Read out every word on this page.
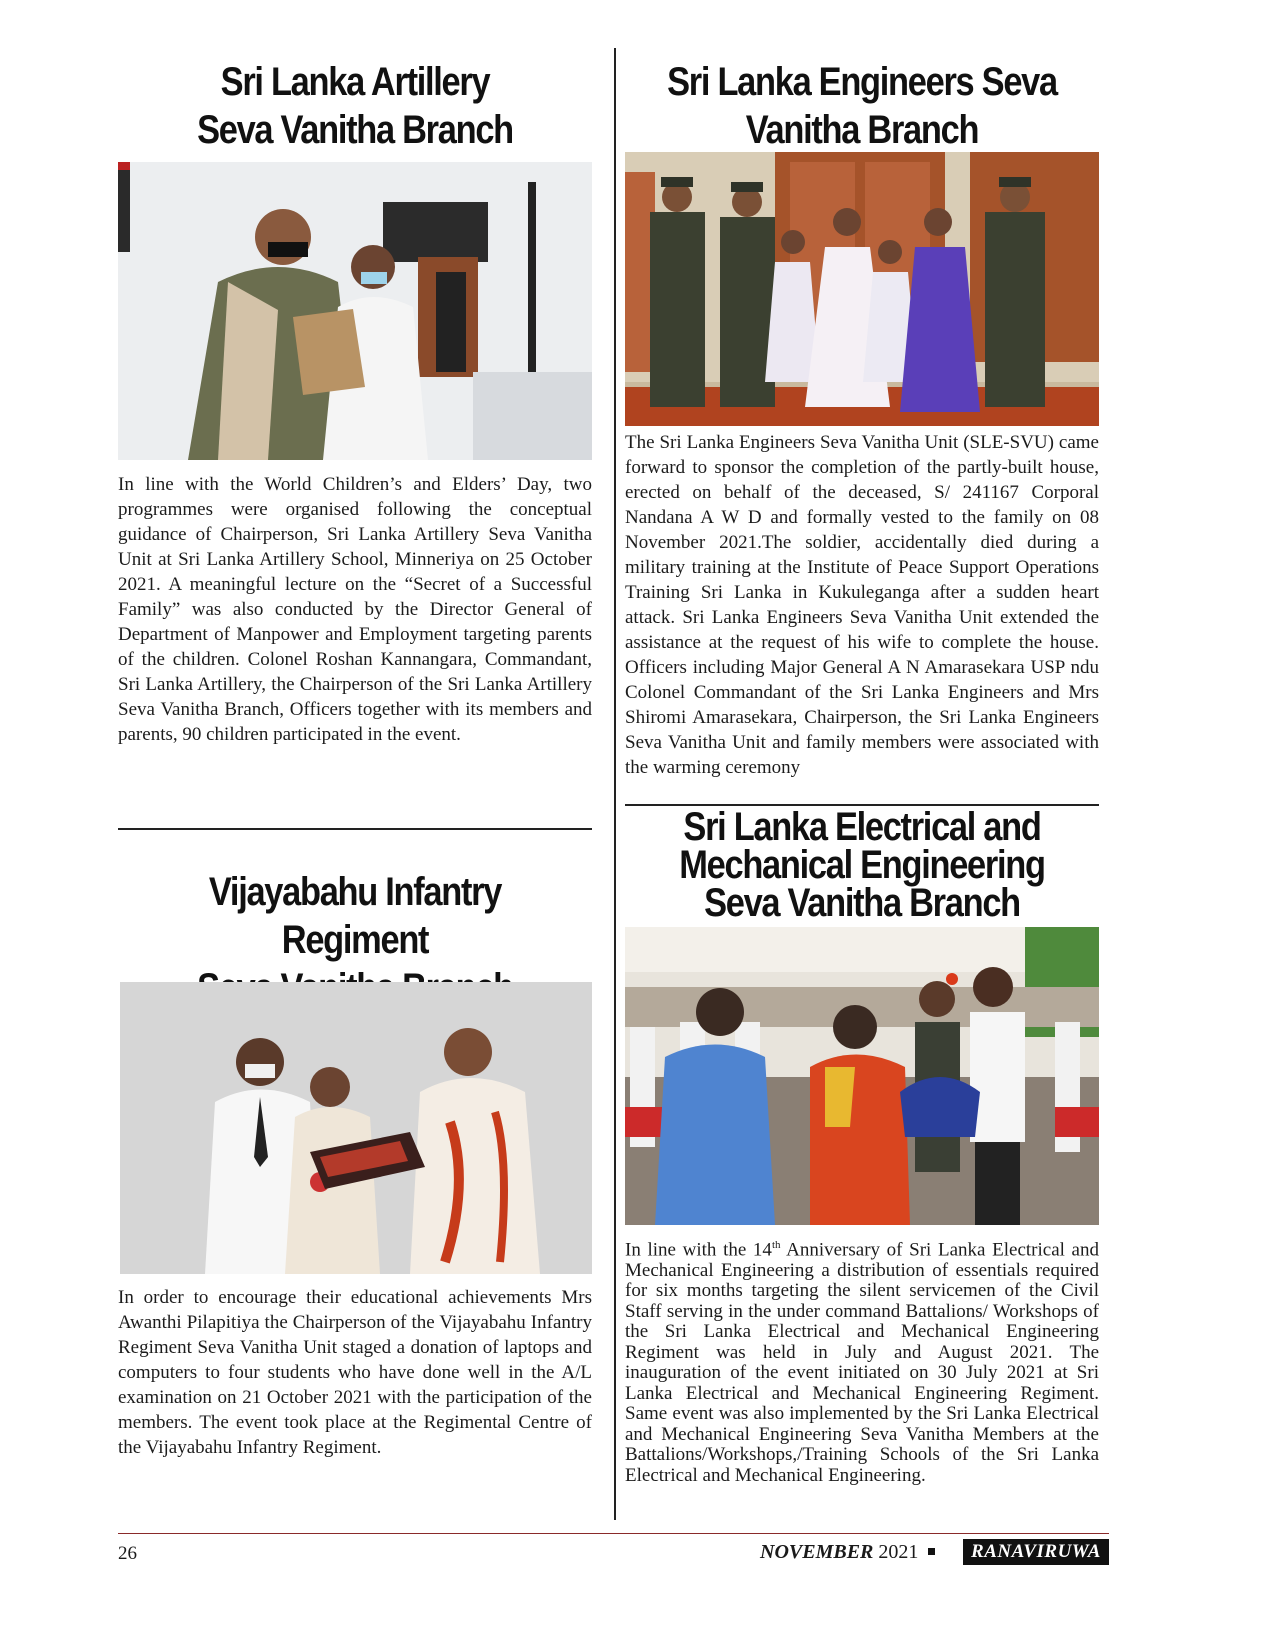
Sri Lanka Artillery
Seva Vanitha Branch

In line with the World Children’s and Elders’ Day, two programmes were organised following the conceptual guidance of Chairperson, Sri Lanka Artillery Seva Vanitha Unit at Sri Lanka Artillery School, Minneriya on 25 October 2021. A meaningful lecture on the “Secret of a Successful Family” was also conducted by the Director General of Department of Manpower and Employment targeting parents of the children. Colonel Roshan Kannangara, Commandant, Sri Lanka Artillery, the Chairperson of the Sri Lanka Artillery Seva Vanitha Branch, Officers together with its members and parents, 90 children participated in the event.

Vijayabahu Infantry Regiment

In order to encourage their educational achievements Mrs Awanthi Pilapitiya the Chairperson of the Vijayabahu Infantry Regiment Seva Vanitha Unit staged a donation of laptops and computers to four students who have done well in the A/L examination on 21 October 2021 with the participation of the members. The event took place at the Regimental Centre of the Vijayabahu Infantry Regiment.

Sri Lanka Engineers Seva
Vanitha Branch

The Sri Lanka Engineers Seva Vanitha Unit (SLE-SVU) came forward to sponsor the completion of the partly-built house, erected on behalf of the deceased, S/ 241167 Corporal Nandana A W D and formally vested to the family on 08 November 2021.The soldier, accidentally died during a military training at the Institute of Peace Support Operations Training Sri Lanka in Kukuleganga after a sudden heart attack. Sri Lanka Engineers Seva Vanitha Unit extended the assistance at the request of his wife to complete the house. Officers including Major General A N Amarasekara USP ndu Colonel Commandant of the Sri Lanka Engineers and Mrs Shiromi Amarasekara, Chairperson, the Sri Lanka Engineers Seva Vanitha Unit and family members were associated with the warming ceremony

Sri Lanka Electrical and
Mechanical Engineering
Seva Vanitha Branch

In line with the 14th Anniversary of Sri Lanka Electrical and Mechanical Engineering a distribution of essentials required for six months targeting the silent servicemen of the Civil Staff serving in the under command Battalions/ Workshops of the Sri Lanka Electrical and Mechanical Engineering Regiment was held in July and August 2021. The inauguration of the event initiated on 30 July 2021 at Sri Lanka Electrical and Mechanical Engineering Regiment. Same event was also implemented by the Sri Lanka Electrical and Mechanical Engineering Seva Vanitha Members at the Battalions/Workshops,/Training Schools of the Sri Lanka Electrical and Mechanical Engineering.

26	NOVEMBER 2021	RANAVIRUWA
